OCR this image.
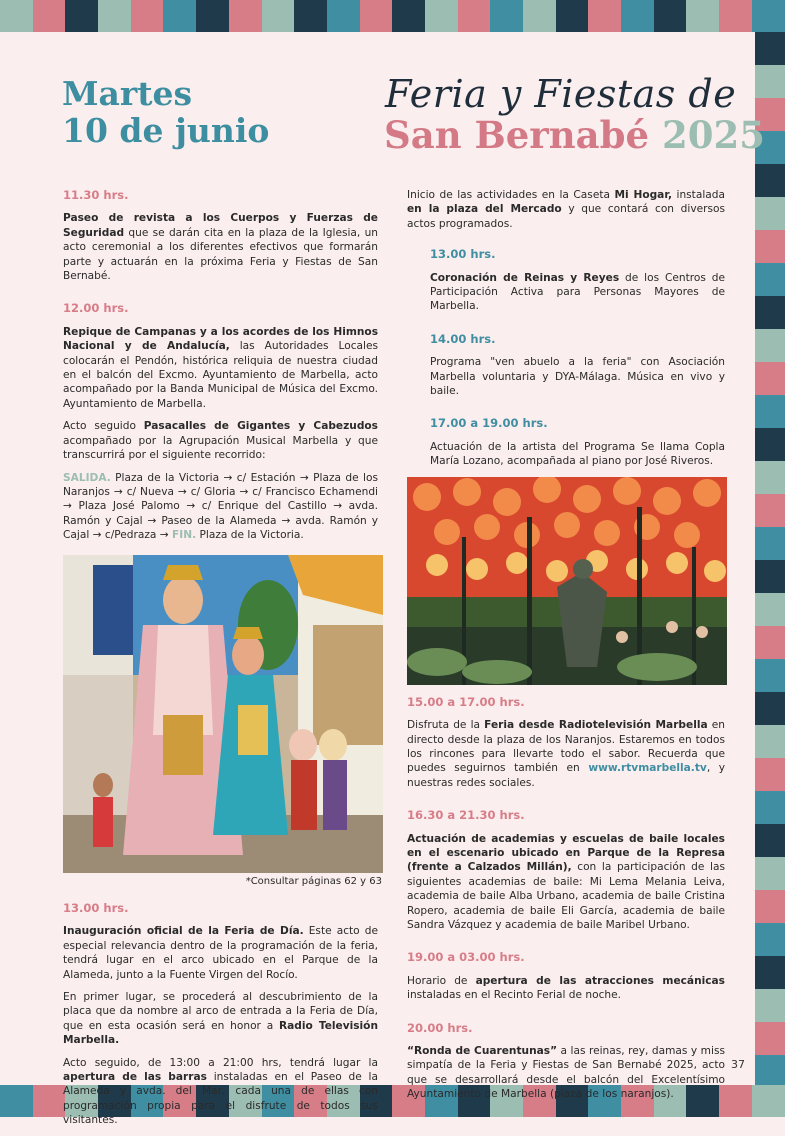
Martes
10 de junio
Feria y Fiestas de
San Bernabé 2025
11.30 hrs.
Paseo de revista a los Cuerpos y Fuerzas de Seguridad que se darán cita en la plaza de la Iglesia, un acto ceremonial a los diferentes efectivos que formarán parte y actuarán en la próxima Feria y Fiestas de San Bernabé.
12.00 hrs.
Repique de Campanas y a los acordes de los Himnos Nacional y de Andalucía, las Autoridades Locales colocarán el Pendón, histórica reliquia de nuestra ciudad en el balcón del Excmo. Ayuntamiento de Marbella, acto acompañado por la Banda Municipal de Música del Excmo. Ayuntamiento de Marbella.
Acto seguido Pasacalles de Gigantes y Cabezudos acompañado por la Agrupación Musical Marbella y que transcurrirá por el siguiente recorrido:
SALIDA. Plaza de la Victoria → c/ Estación → Plaza de los Naranjos → c/ Nueva → c/ Gloria → c/ Francisco Echamendi → Plaza José Palomo → c/ Enrique del Castillo → avda. Ramón y Cajal → Paseo de la Alameda → avda. Ramón y Cajal → c/Pedraza → FIN. Plaza de la Victoria.
*Consultar páginas 62 y 63
13.00 hrs.
Inauguración oficial de la Feria de Día. Este acto de especial relevancia dentro de la programación de la feria, tendrá lugar en el arco ubicado en el Parque de la Alameda, junto a la Fuente Virgen del Rocío.
En primer lugar, se procederá al descubrimiento de la placa que da nombre al arco de entrada a la Feria de Día, que en esta ocasión será en honor a Radio Televisión Marbella.
Acto seguido, de 13:00 a 21:00 hrs, tendrá lugar la apertura de las barras instaladas en el Paseo de la Alameda y avda. del Mar, cada una de ellas con programación propia para el disfrute de todos sus visitantes.
Inicio de las actividades en la Caseta Mi Hogar, instalada en la plaza del Mercado y que contará con diversos actos programados.
13.00 hrs.
Coronación de Reinas y Reyes de los Centros de Participación Activa para Personas Mayores de Marbella.
14.00 hrs.
Programa "ven abuelo a la feria" con Asociación Marbella voluntaria y DYA-Málaga. Música en vivo y baile.
17.00 a 19.00 hrs.
Actuación de la artista del Programa Se llama Copla María Lozano, acompañada al piano por José Riveros.
15.00 a 17.00 hrs.
Disfruta de la Feria desde Radiotelevisión Marbella en directo desde la plaza de los Naranjos. Estaremos en todos los rincones para llevarte todo el sabor. Recuerda que puedes seguirnos también en www.rtvmarbella.tv, y nuestras redes sociales.
16.30 a 21.30 hrs.
Actuación de academias y escuelas de baile locales en el escenario ubicado en Parque de la Represa (frente a Calzados Millán), con la participación de las siguientes academias de baile: Mi Lema Melania Leiva, academia de baile Alba Urbano, academia de baile Cristina Ropero, academia de baile Eli García, academia de baile Sandra Vázquez y academia de baile Maribel Urbano.
19.00 a 03.00 hrs.
Horario de apertura de las atracciones mecánicas instaladas en el Recinto Ferial de noche.
20.00 hrs.
“Ronda de Cuarentunas” a las reinas, rey, damas y miss simpatía de la Feria y Fiestas de San Bernabé 2025, acto que se desarrollará desde el balcón del Excelentísimo Ayuntamiento de Marbella (plaza de los naranjos).
37
